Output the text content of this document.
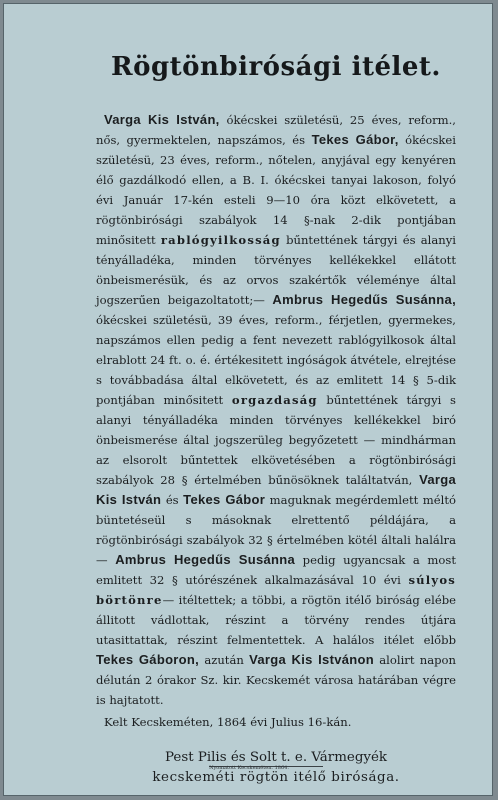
Rögtönbirósági itélet.

Varga Kis István, ókécskei születésü, 25 éves, reform., nős, gyermektelen, napszámos, és Tekes Gábor, ókécskei születésü, 23 éves, reform., nőtelen, anyjával egy kenyéren élő gazdálkodó ellen, a B. I. ókécskei tanyai lakoson, folyó évi Január 17-kén esteli 9—10 óra közt elkövetett, a rögtönbirósági szabályok 14 §-nak 2-dik pontjában minősitett rablógyilkosság bűntettének tárgyi és alanyi tényálladéka, minden törvényes kellékekkel ellátott önbeismerésük, és az orvos szakértők véleménye által jogszerűen beigazoltatott;— Ambrus Hegedűs Susánna, ókécskei születésü, 39 éves, reform., férjetlen, gyermekes, napszámos ellen pedig a fent nevezett rablógyilkosok által elrablott 24 ft. o. é. értékesitett ingóságok átvétele, elrejtése s továbbadása által elkövetett, és az emlitett 14 § 5-dik pontjában minősitett orgazdaság bűntettének tárgyi s alanyi tényálladéka minden törvényes kellékekkel biró önbeismerése által jogszerüleg begyőzetett — mindhárman az elsorolt bűntettek elkövetésében a rögtönbirósági szabályok 28 § értelmében bűnösöknek találtatván, Varga Kis István és Tekes Gábor maguknak megérdemlett méltó büntetéseül s másoknak elrettentő példájára, a rögtönbirósági szabályok 32 § értelmében kötél általi halálra — Ambrus Hegedűs Susánna pedig ugyancsak a most emlitett 32 § utórészének alkalmazásával 10 évi súlyos börtönre— itéltettek; a többi, a rögtön itélő biróság elébe állitott vádlottak, részint a törvény rendes útjára utasittattak, részint felmentettek. A halálos itélet előbb Tekes Gáboron, azután Varga Kis Istvánon alolirt napon délután 2 órakor Sz. kir. Kecskemét városa határában végre is hajtatott.

Kelt Kecskeméten, 1864 évi Julius 16-kán.
Pest Pilis és Solt t. e. Vármegyék
kecskeméti rögtön itélő birósága.
Nyomatott Kecskeméten. 1864.
